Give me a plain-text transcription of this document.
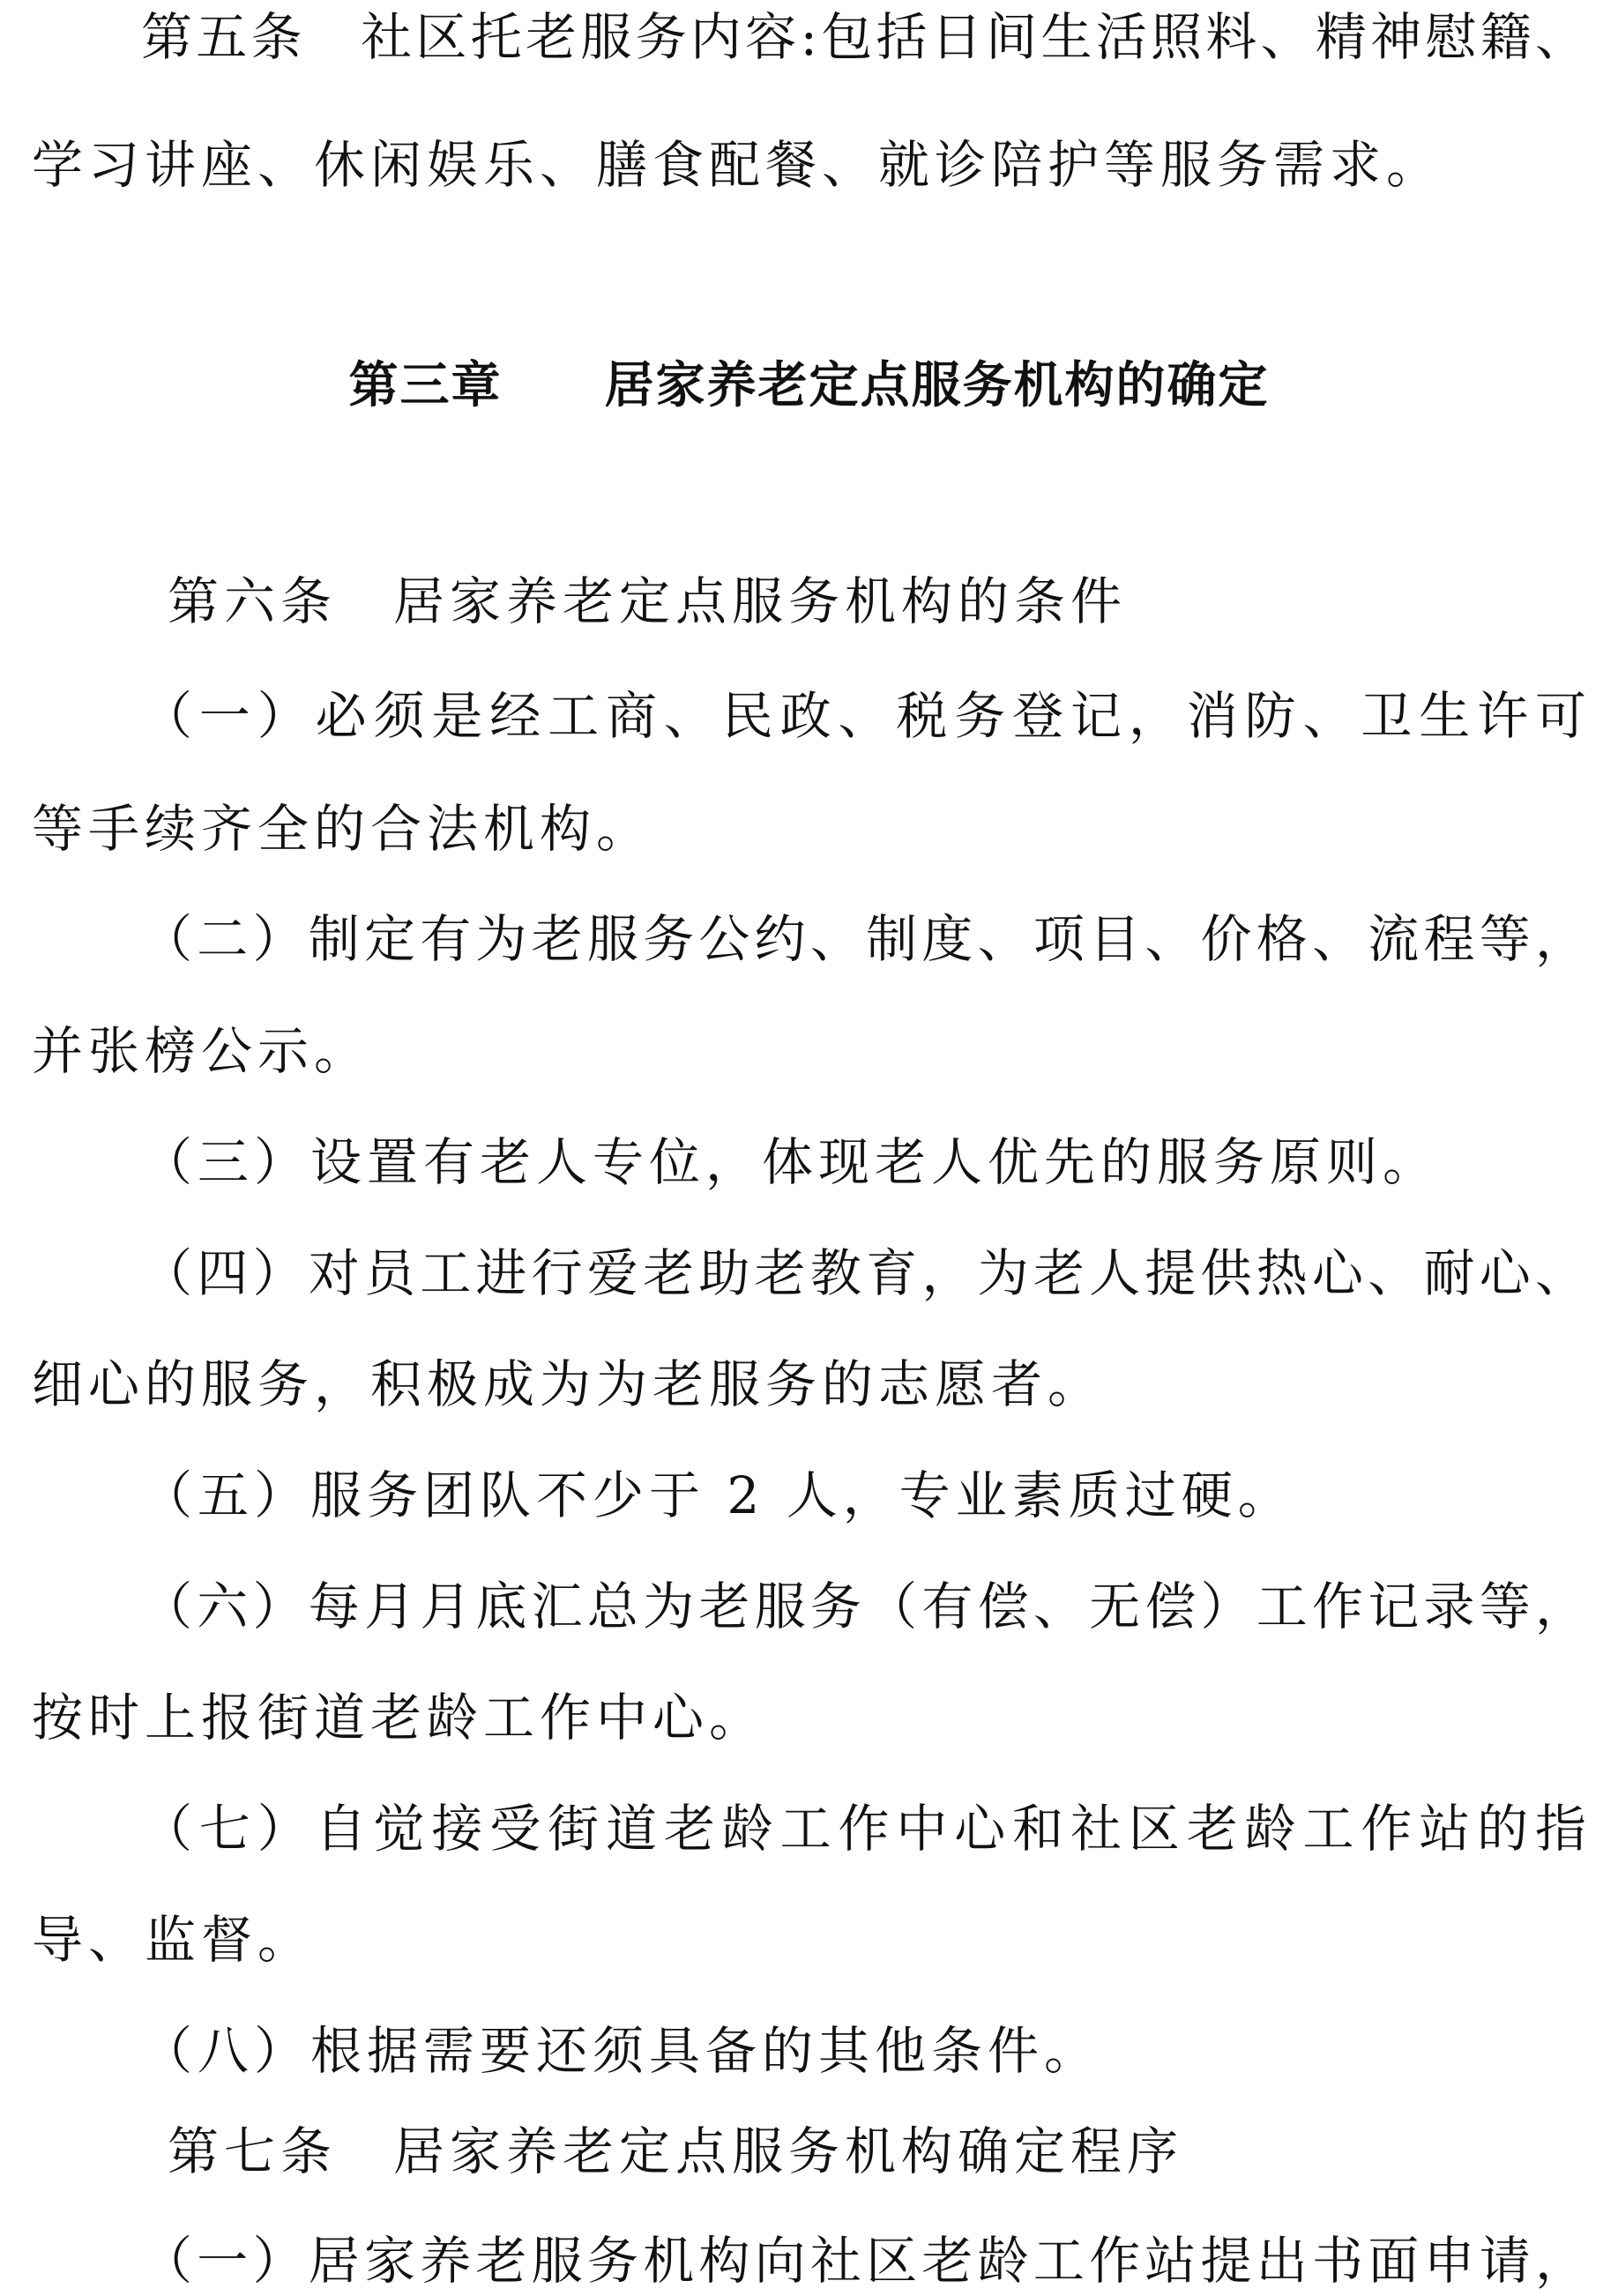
第五条　社区托老服务内容:包括日间生活照料、精神慰籍、
学习讲座、休闲娱乐、膳食配餐、就诊陪护等服务需求。
第三章　　居家养老定点服务机构的确定
第六条　居家养老定点服务机构的条件
（一）必须是经工商、民政、税务登记，消防、卫生许可
等手续齐全的合法机构。
（二）制定有为老服务公约、制度、项目、价格、流程等，
并张榜公示。
（三）设置有老人专位，体现老人优先的服务原则。
（四）对员工进行爱老助老教育，为老人提供热心、耐心、
细心的服务，积极成为为老服务的志愿者。
（五）服务团队不少于 2 人，专业素质过硬。
（六）每月月底汇总为老服务（有偿、无偿）工作记录等，
按时上报街道老龄工作中心。
（七）自觉接受街道老龄工作中心和社区老龄工作站的指
导、监督。
（八）根据需要还须具备的其他条件。
第七条　居家养老定点服务机构确定程序
（一）居家养老服务机构向社区老龄工作站提出书面申请，
